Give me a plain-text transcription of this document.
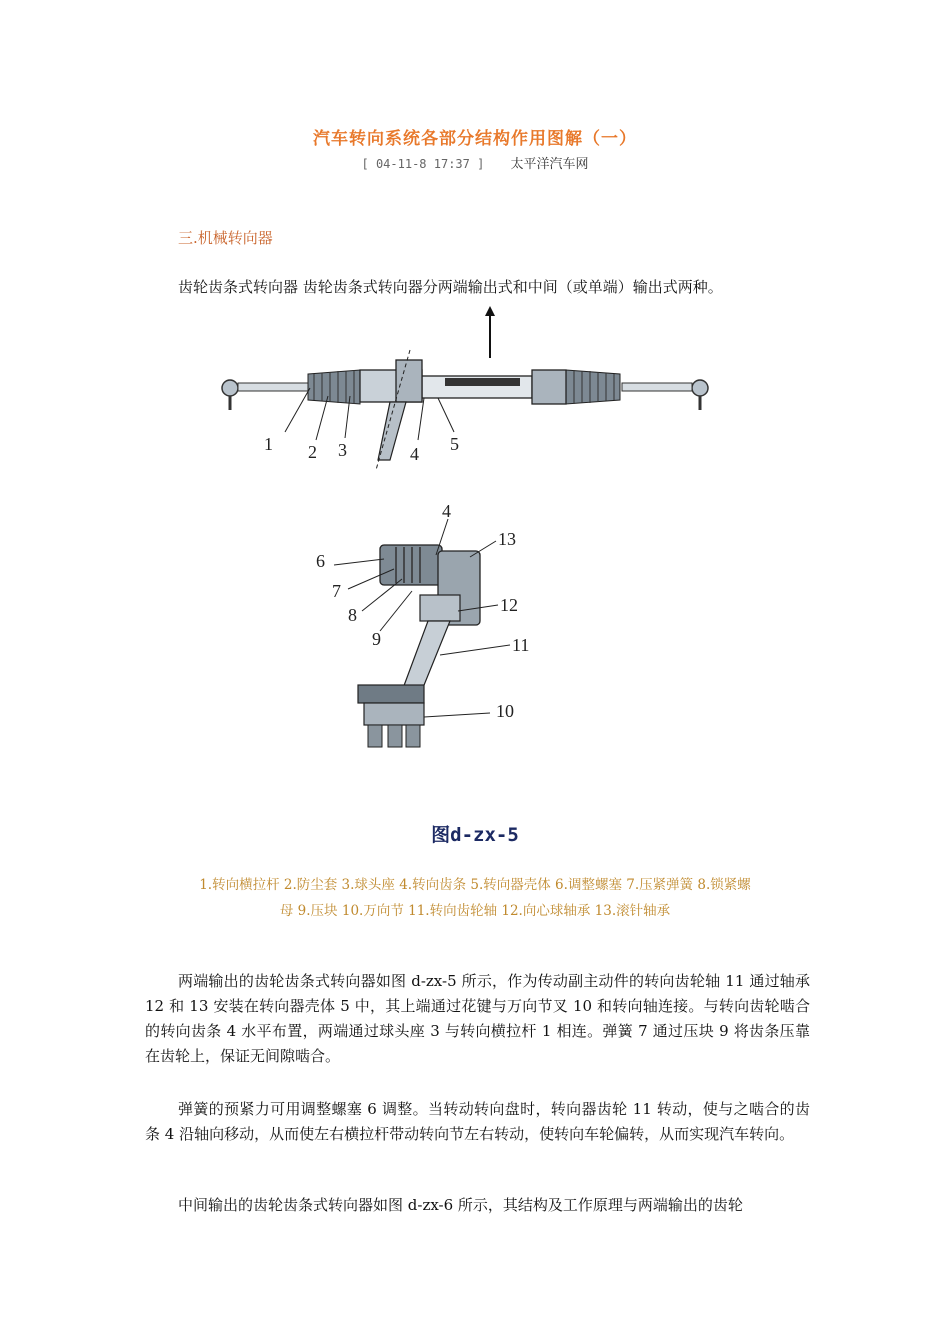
汽车转向系统各部分结构作用图解（一）
[ 04-11-8 17:37 ] 太平洋汽车网
三.机械转向器
齿轮齿条式转向器 齿轮齿条式转向器分两端输出式和中间（或单端）输出式两种。
1 2 3	4 5
4
13
6
7
8
9
12
11
10
图d-zx-5
1.转向横拉杆 2.防尘套 3.球头座 4.转向齿条 5.转向器壳体 6.调整螺塞 7.压紧弹簧 8.锁紧螺
母 9.压块 10.万向节 11.转向齿轮轴 12.向心球轴承 13.滚针轴承
两端输出的齿轮齿条式转向器如图 d-zx-5 所示，作为传动副主动件的转向齿轮轴 11 通过轴承 12 和 13 安装在转向器壳体 5 中，其上端通过花键与万向节叉 10 和转向轴连接。与转向齿轮啮合的转向齿条 4 水平布置，两端通过球头座 3 与转向横拉杆 1 相连。弹簧 7 通过压块 9 将齿条压靠在齿轮上，保证无间隙啮合。
弹簧的预紧力可用调整螺塞 6 调整。当转动转向盘时，转向器齿轮 11 转动，使与之啮合的齿条 4 沿轴向移动，从而使左右横拉杆带动转向节左右转动，使转向车轮偏转，从而实现汽车转向。
中间输出的齿轮齿条式转向器如图 d-zx-6 所示，其结构及工作原理与两端输出的齿轮
